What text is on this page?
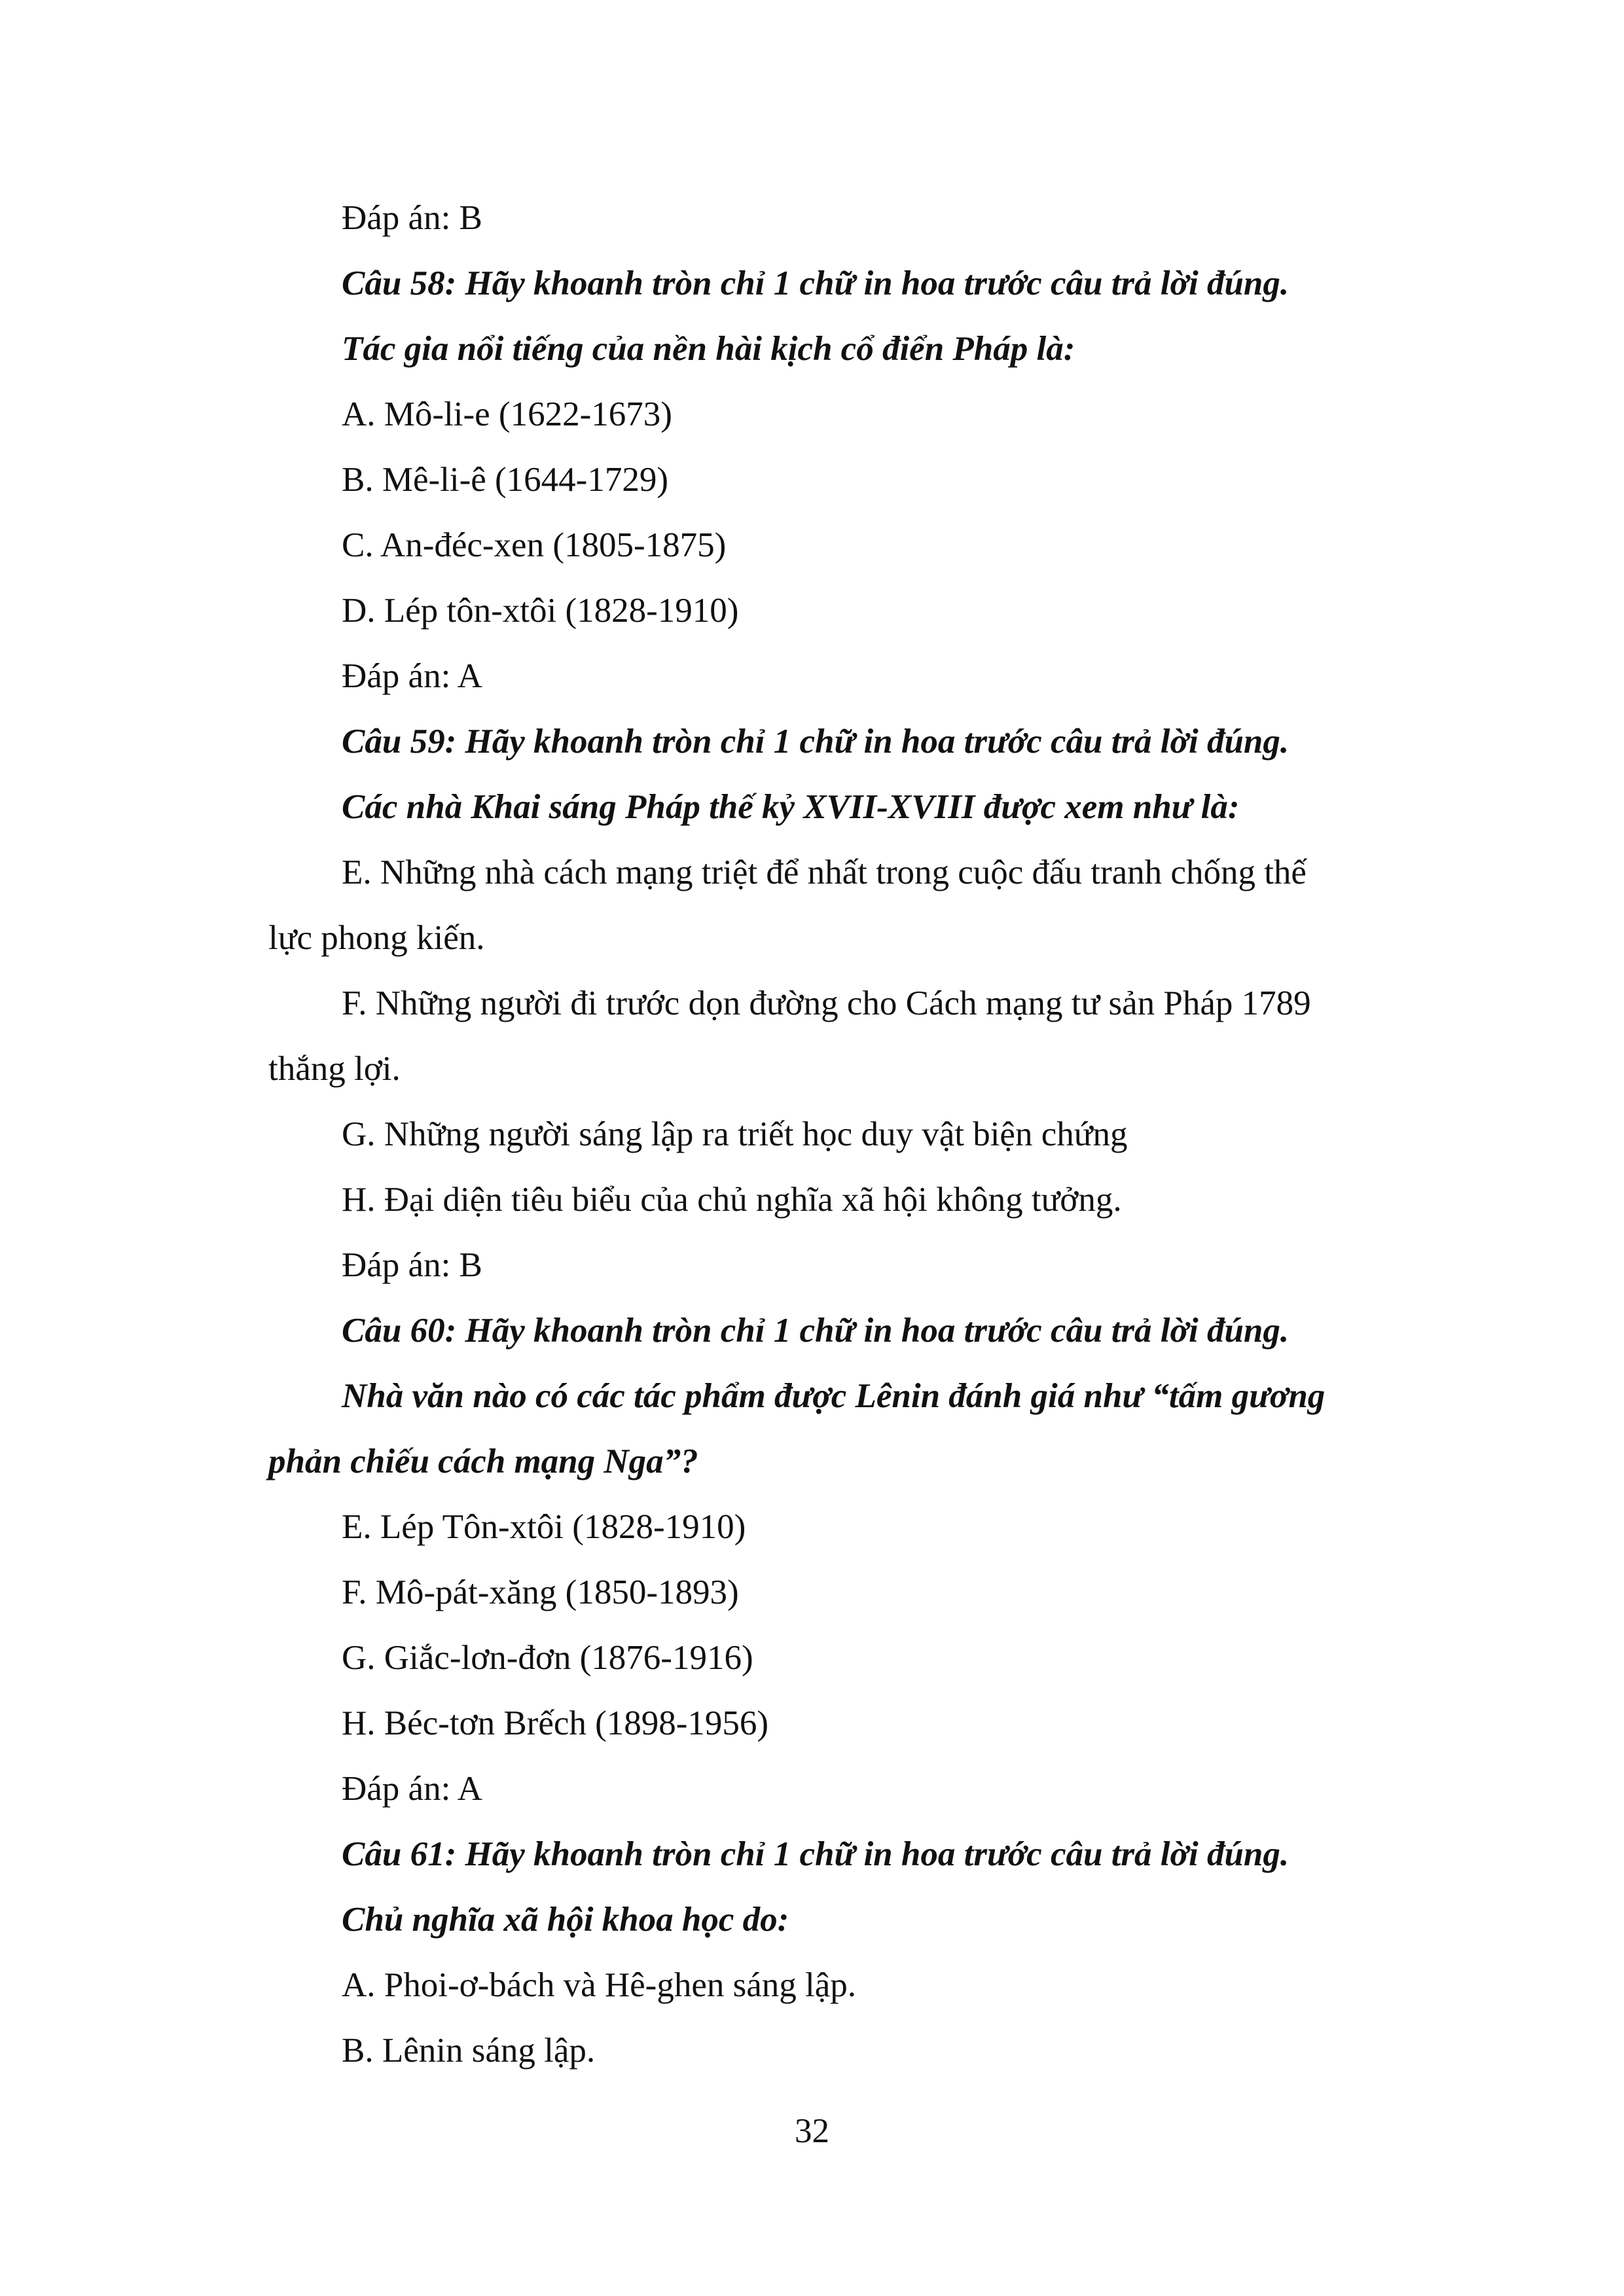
Đáp án: B
Câu 58: Hãy khoanh tròn chỉ 1 chữ in hoa trước câu trả lời đúng.
Tác gia nổi tiếng của nền hài kịch cổ điển Pháp là:
A. Mô-li-e (1622-1673)
B. Mê-li-ê (1644-1729)
C. An-đéc-xen (1805-1875)
D. Lép tôn-xtôi (1828-1910)
Đáp án: A
Câu 59: Hãy khoanh tròn chỉ 1 chữ in hoa trước câu trả lời đúng.
Các nhà Khai sáng Pháp thế kỷ XVII-XVIII được xem như là:
E. Những nhà cách mạng triệt để nhất trong cuộc đấu tranh chống thế
lực phong kiến.
F. Những người đi trước dọn đường cho Cách mạng tư sản Pháp 1789
thắng lợi.
G. Những người sáng lập ra triết học duy vật biện chứng
H. Đại diện tiêu biểu của chủ nghĩa xã hội không tưởng.
Đáp án: B
Câu 60: Hãy khoanh tròn chỉ 1 chữ in hoa trước câu trả lời đúng.
Nhà văn nào có các tác phẩm được Lênin đánh giá như “tấm gương
phản chiếu cách mạng Nga”?
E. Lép Tôn-xtôi (1828-1910)
F. Mô-pát-xăng (1850-1893)
G. Giắc-lơn-đơn (1876-1916)
H. Béc-tơn Brếch (1898-1956)
Đáp án: A
Câu 61: Hãy khoanh tròn chỉ 1 chữ in hoa trước câu trả lời đúng.
Chủ nghĩa xã hội khoa học do:
A. Phoi-ơ-bách và Hê-ghen sáng lập.
B. Lênin sáng lập.
32
